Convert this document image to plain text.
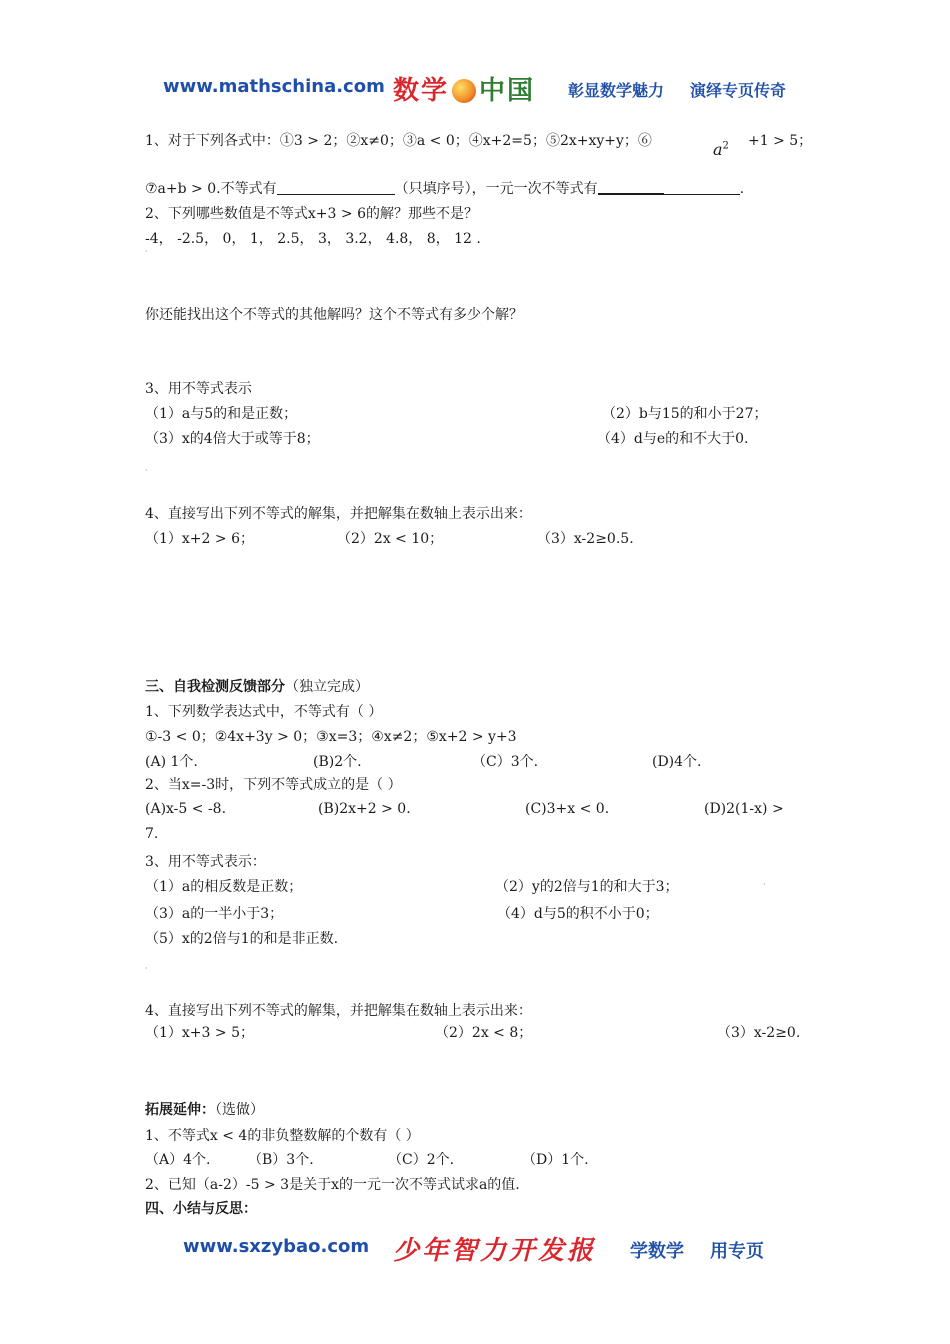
www.mathschina.com 数学 中国 彰显数学魅力 演绎专页传奇
1、对于下列各式中：①3 > 2；②x≠0；③a < 0；④x+2=5；⑤2x+xy+y；⑥	$a^2 +1 > 5$；
⑦a+b > 0.不等式有	（只填序号），一元一次不等式有	.
2、下列哪些数值是不等式x+3 > 6的解？那些不是？
-4， -2.5， 0， 1， 2.5， 3， 3.2， 4.8， 8， 12 .
·
你还能找出这个不等式的其他解吗？这个不等式有多少个解？
3、用不等式表示
（1）a与5的和是正数；	（2）b与15的和小于27；
（3）x的4倍大于或等于8；	（4）d与e的和不大于0.
·
4、直接写出下列不等式的解集，并把解集在数轴上表示出来：
（1）x+2 > 6；	（2）2x < 10；	（3）x-2≥0.5.
三、自我检测反馈部分（独立完成）
1、下列数学表达式中，不等式有（ ）
①-3 < 0；②4x+3y > 0；③x=3；④x≠2；⑤x+2 > y+3
(A) 1个.	(B)2个.	（C）3个.	(D)4个.
2、当x=-3时，下列不等式成立的是（ ）
(A)x-5 < -8.	(B)2x+2 > 0.	(C)3+x < 0.	(D)2(1-x) >
7.
3、用不等式表示：
（1）a的相反数是正数；	（2）y的2倍与1的和大于3；	·
（3）a的一半小于3；	（4）d与5的积不小于0；
（5）x的2倍与1的和是非正数.
·
4、直接写出下列不等式的解集，并把解集在数轴上表示出来：
（1）x+3 > 5；	（2）2x < 8；	（3）x-2≥0.
拓展延伸：（选做）
1、不等式x < 4的非负整数解的个数有（ ）
（A）4个.	（B）3个.	（C）2个.	（D）1个.
2、已知（a-2）-5 > 3是关于x的一元一次不等式试求a的值.
四、小结与反思：
www.sxzybao.com 少年智力开发报 学数学 用专页
